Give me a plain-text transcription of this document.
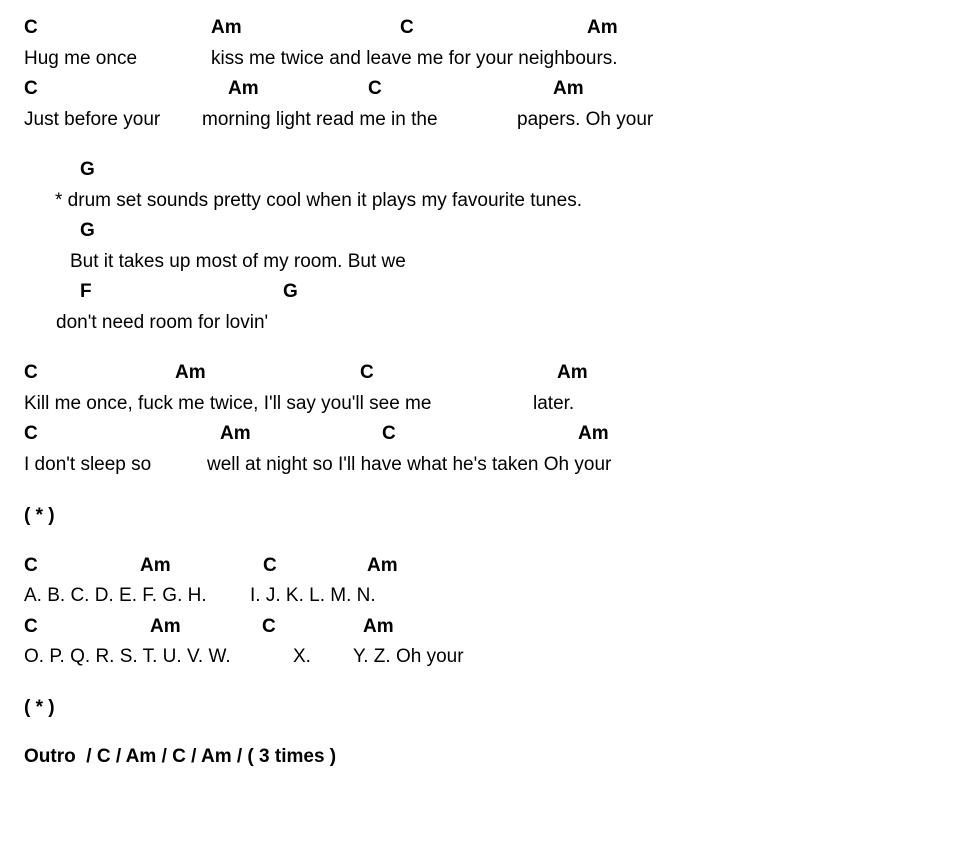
C	Am	C	Am
Hug me once	kiss me twice and leave me for your neighbours.
C	Am	C	Am
Just before your morning light read me in the	papers. Oh your
G
* drum set sounds pretty cool when it plays my favourite tunes.
G
But it takes up most of my room. But we
F	G
don't need room for lovin'
C	Am	C	Am
Kill me once, fuck me twice, I'll say you'll see me	later.
C	Am	C	Am
I don't sleep so	well at night so I'll have what he's taken Oh your
( * )
C	Am	C	Am
A. B. C. D. E. F. G. H. I. J. K. L. M. N.
C	Am	C	Am
O. P. Q. R. S. T. U. V. W.	X. Y. Z. Oh your
( * )
Outro  / C / Am / C / Am / ( 3 times )
